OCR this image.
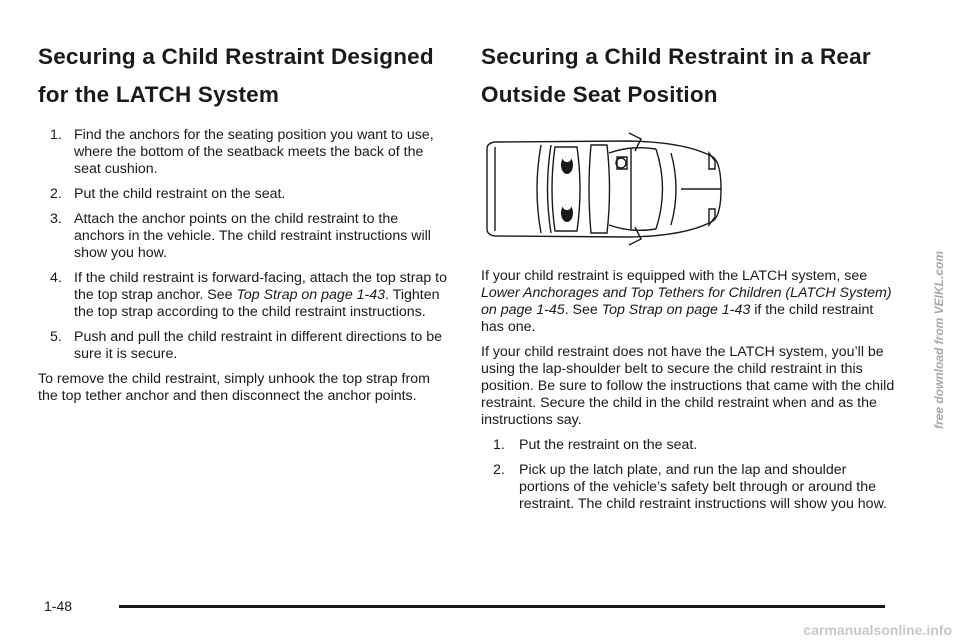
Securing a Child Restraint Designed
for the LATCH System
1. Find the anchors for the seating position you want to use, where the bottom of the seatback meets the back of the seat cushion.
2. Put the child restraint on the seat.
3. Attach the anchor points on the child restraint to the anchors in the vehicle. The child restraint instructions will show you how.
4. If the child restraint is forward-facing, attach the top strap to the top strap anchor. See Top Strap on page 1-43. Tighten the top strap according to the child restraint instructions.
5. Push and pull the child restraint in different directions to be sure it is secure.

To remove the child restraint, simply unhook the top strap from the top tether anchor and then disconnect the anchor points.

Securing a Child Restraint in a Rear
Outside Seat Position

If your child restraint is equipped with the LATCH system, see Lower Anchorages and Top Tethers for Children (LATCH System) on page 1-45. See Top Strap on page 1-43 if the child restraint has one.

If your child restraint does not have the LATCH system, you’ll be using the lap-shoulder belt to secure the child restraint in this position. Be sure to follow the instructions that came with the child restraint. Secure the child in the child restraint when and as the instructions say.

1. Put the restraint on the seat.
2. Pick up the latch plate, and run the lap and shoulder portions of the vehicle’s safety belt through or around the restraint. The child restraint instructions will show you how.
1-48
free download from VEIKL.com
carmanualsonline.info
